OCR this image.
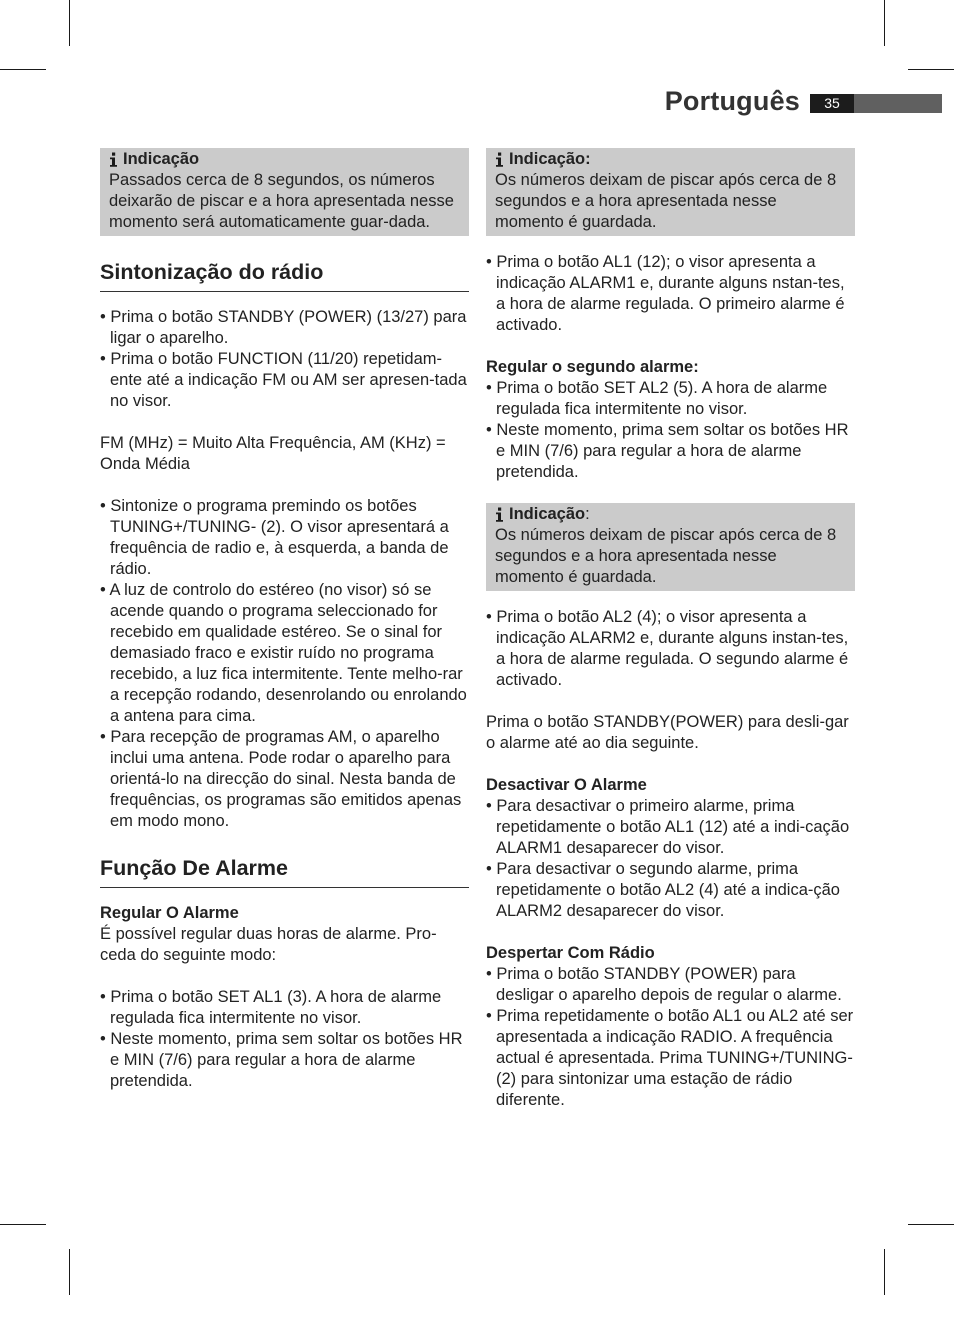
Português	35
Indicação
Passados cerca de 8 segundos, os números deixarão de piscar e a hora apresentada nesse momento será automaticamente guar-dada.
Sintonização do rádio
• Prima o botão STANDBY (POWER) (13/27) para ligar o aparelho.
• Prima o botão FUNCTION (11/20) repetidam-ente até a indicação FM ou AM ser apresen-tada no visor.
FM (MHz) = Muito Alta Frequência, AM (KHz) = Onda Média
• Sintonize o programa premindo os botões TUNING+/TUNING- (2). O visor apresentará a frequência de radio e, à esquerda, a banda de rádio.
• A luz de controlo do estéreo (no visor) só se acende quando o programa seleccionado for recebido em qualidade estéreo. Se o sinal for demasiado fraco e existir ruído no programa recebido, a luz fica intermitente. Tente melho-rar a recepção rodando, desenrolando ou enrolando a antena para cima.
• Para recepção de programas AM, o aparelho inclui uma antena. Pode rodar o aparelho para orientá-lo na direcção do sinal. Nesta banda de frequências, os programas são emitidos apenas em modo mono.
Função De Alarme
Regular O Alarme
É possível regular duas horas de alarme. Pro-ceda do seguinte modo:
• Prima o botão SET AL1 (3). A hora de alarme regulada fica intermitente no visor.
• Neste momento, prima sem soltar os botões HR e MIN (7/6) para regular a hora de alarme pretendida.
Indicação:
Os números deixam de piscar após cerca de 8 segundos e a hora apresentada nesse momento é guardada.
• Prima o botão AL1 (12); o visor apresenta a indicação ALARM1 e, durante alguns nstan-tes, a hora de alarme regulada. O primeiro alarme é activado.
Regular o segundo alarme:
• Prima o botão SET AL2 (5). A hora de alarme regulada fica intermitente no visor.
• Neste momento, prima sem soltar os botões HR e MIN (7/6) para regular a hora de alarme pretendida.
Indicação :
Os números deixam de piscar após cerca de 8 segundos e a hora apresentada nesse momento é guardada.
• Prima o botão AL2 (4); o visor apresenta a indicação ALARM2 e, durante alguns instan-tes, a hora de alarme regulada. O segundo alarme é activado.
Prima o botão STANDBY(POWER) para desli-gar o alarme até ao dia seguinte.
Desactivar O Alarme
• Para desactivar o primeiro alarme, prima repetidamente o botão AL1 (12) até a indi-cação ALARM1 desaparecer do visor.
• Para desactivar o segundo alarme, prima repetidamente o botão AL2 (4) até a indica-ção ALARM2 desaparecer do visor.
Despertar Com Rádio
• Prima o botão STANDBY (POWER) para desligar o aparelho depois de regular o alarme.
• Prima repetidamente o botão AL1 ou AL2 até ser apresentada a indicação RADIO. A frequência actual é apresentada. Prima TUNING+/TUNING- (2) para sintonizar uma estação de rádio diferente.
